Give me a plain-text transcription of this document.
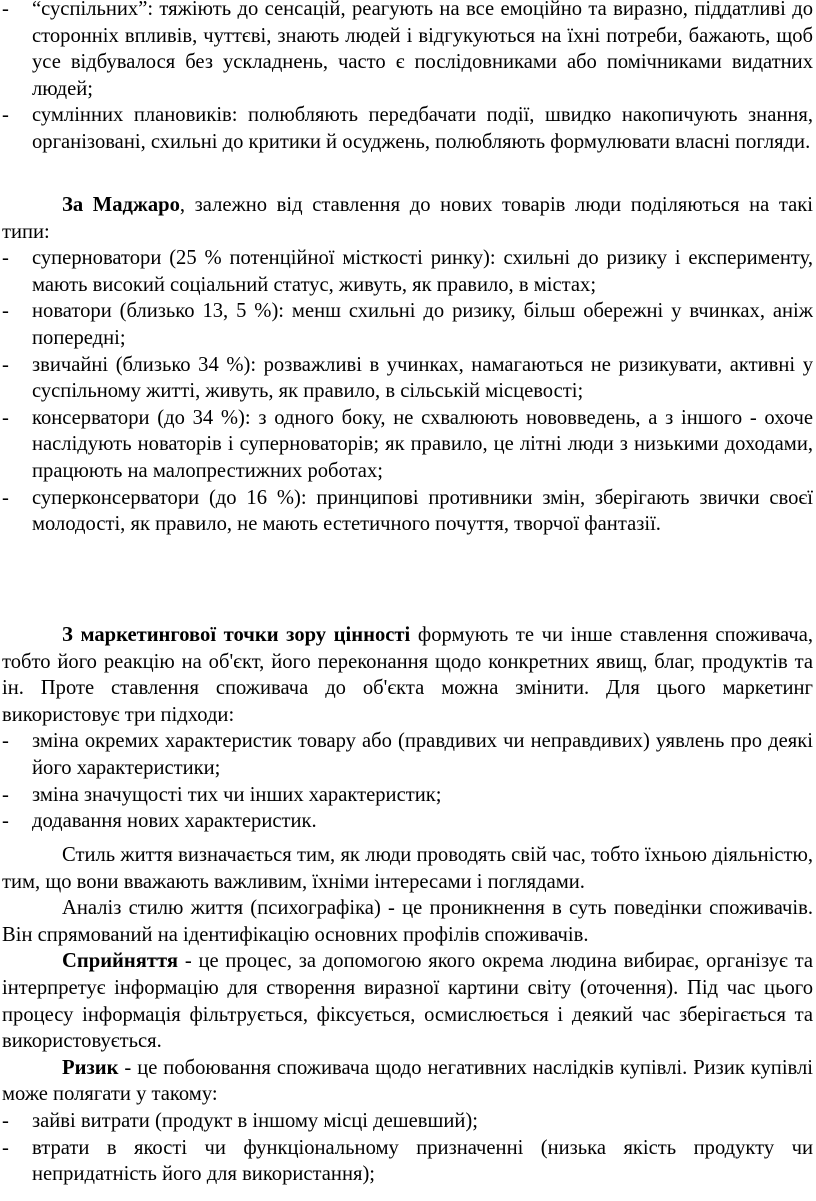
-	“суспільних”: тяжіють до сенсацій, реагують на все емоційно та виразно, піддатливі до сторонніх впливів, чуттєві, знають людей і відгукуються на їхні потреби, бажають, щоб усе відбувалося без ускладнень, часто є послідовниками або помічниками видатних людей;
-	сумлінних плановиків: полюбляють передбачати події, швидко накопичують знання, організовані, схильні до критики й осуджень, полюбляють формулювати власні погляди.
За Маджаро, залежно від ставлення до нових товарів люди поділяються на такі типи:
-	суперноватори (25 % потенційної місткості ринку): схильні до ризику і експерименту, мають високий соціальний статус, живуть, як правило, в містах;
-	новатори (близько 13, 5 %): менш схильні до ризику, більш обережні у вчинках, аніж попередні;
-	звичайні (близько 34 %): розважливі в учинках, намагаються не ризикувати, активні у суспільному житті, живуть, як правило, в сільській місцевості;
-	консерватори (до 34 %): з одного боку, не схвалюють нововведень, а з іншого - охоче наслідують новаторів і суперноваторів; як правило, це літні люди з низькими доходами, працюють на малопрестижних роботах;
-	суперконсерватори (до 16 %): принципові противники змін, зберігають звички своєї молодості, як правило, не мають естетичного почуття, творчої фантазії.
З маркетингової точки зору цінності формують те чи інше ставлення споживача, тобто його реакцію на об'єкт, його переконання щодо конкретних явищ, благ, продуктів та ін. Проте ставлення споживача до об'єкта можна змінити. Для цього маркетинг використовує три підходи:
-	зміна окремих характеристик товару або (правдивих чи неправдивих) уявлень про деякі його характеристики;
-	зміна значущості тих чи інших характеристик;
-	додавання нових характеристик.
Стиль життя визначається тим, як люди проводять свій час, тобто їхньою діяльністю, тим, що вони вважають важливим, їхніми інтересами і поглядами.
Аналіз стилю життя (психографіка) - це проникнення в суть поведінки споживачів. Він спрямований на ідентифікацію основних профілів споживачів.
Сприйняття - це процес, за допомогою якого окрема людина вибирає, організує та інтерпретує інформацію для створення виразної картини світу (оточення). Під час цього процесу інформація фільтрується, фіксується, осмислюється і деякий час зберігається та використовується.
Ризик - це побоювання споживача щодо негативних наслідків купівлі. Ризик купівлі може полягати у такому:
-	зайві витрати (продукт в іншому місці дешевший);
-	втрати в якості чи функціональному призначенні (низька якість продукту чи непридатність його для використання);
